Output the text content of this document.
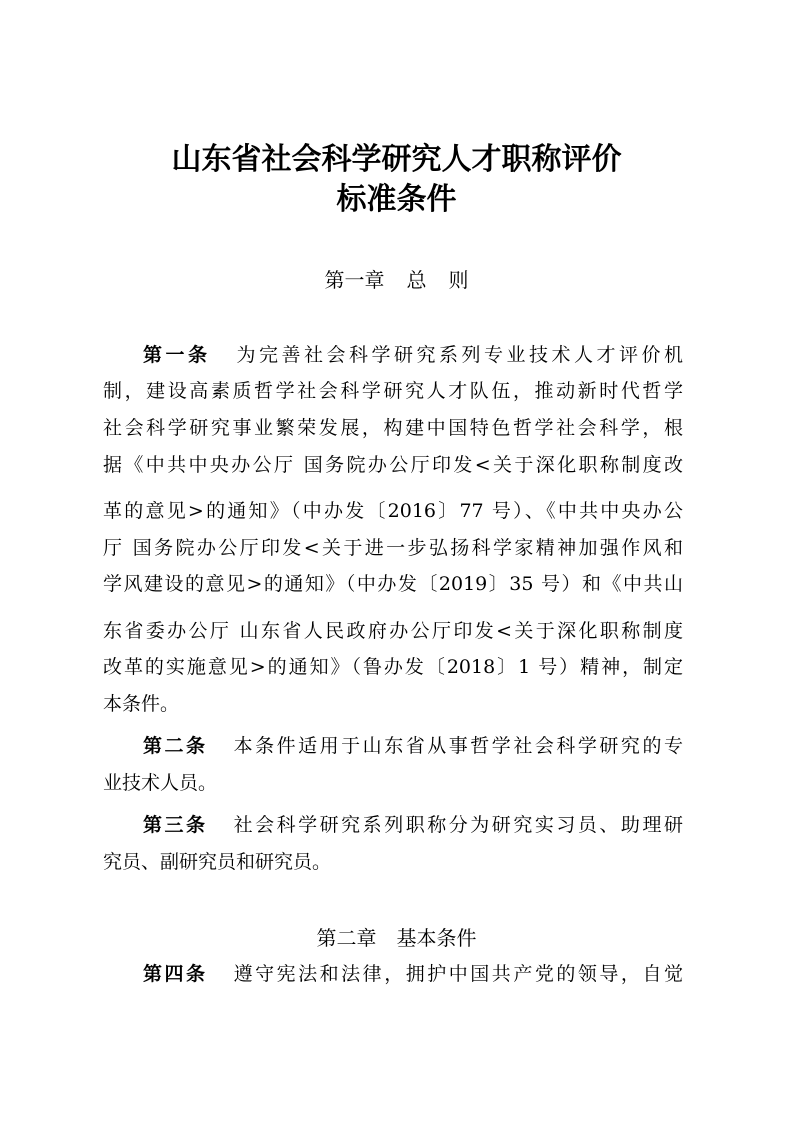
山东省社会科学研究人才职称评价
标准条件
第一章 总 则
第一条 为完善社会科学研究系列专业技术人才评价机
制，建设高素质哲学社会科学研究人才队伍，推动新时代哲学
社会科学研究事业繁荣发展，构建中国特色哲学社会科学，根
据《中共中央办公厅 国务院办公厅印发<关于深化职称制度改
革的意见>的通知》（中办发〔2016〕77 号）、《中共中央办公
厅 国务院办公厅印发<关于进一步弘扬科学家精神加强作风和
学风建设的意见>的通知》（中办发〔2019〕35 号）和《中共山
东省委办公厅 山东省人民政府办公厅印发<关于深化职称制度
改革的实施意见>的通知》（鲁办发〔2018〕1 号）精神，制定
本条件。
第二条 本条件适用于山东省从事哲学社会科学研究的专
业技术人员。
第三条 社会科学研究系列职称分为研究实习员、助理研
究员、副研究员和研究员。
第二章 基本条件
第四条 遵守宪法和法律，拥护中国共产党的领导，自觉
